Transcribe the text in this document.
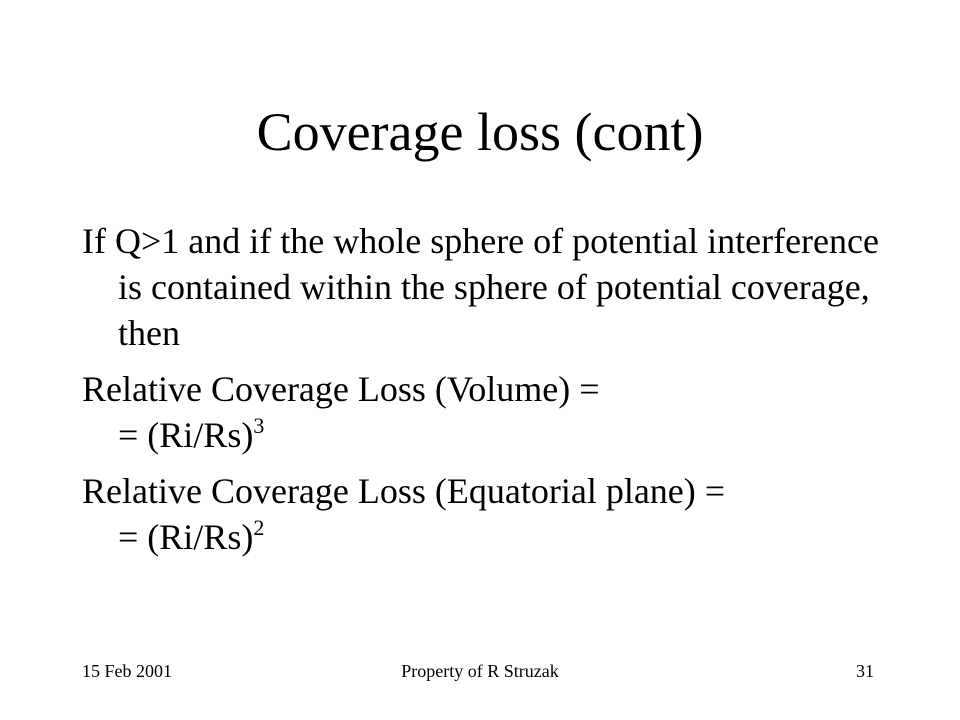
Coverage loss (cont)

If Q>1 and if the whole sphere of potential interference is contained within the sphere of potential coverage, then

Relative Coverage Loss (Volume) =
= $(Ri/Rs)^3$

Relative Coverage Loss (Equatorial plane) =
= $(Ri/Rs)^2$

15 Feb 2001	Property of R Struzak	31
